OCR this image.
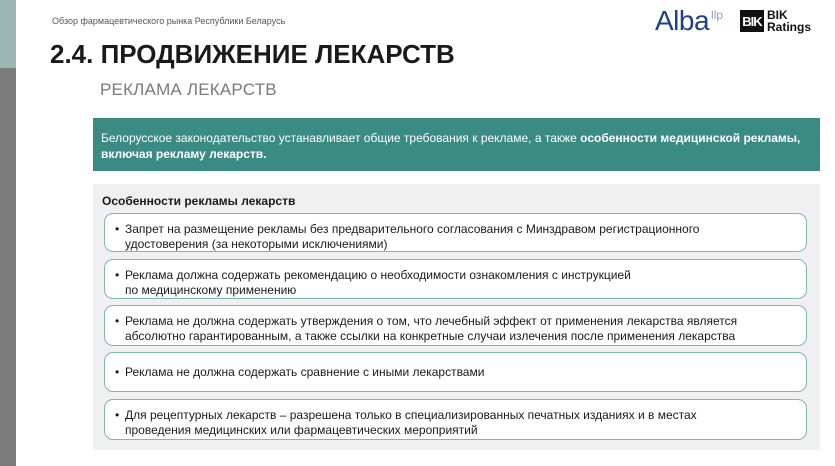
Обзор фармацевтического рынка Республики Беларусь	Alba llp BIK BIK
Ratings
2.4. ПРОДВИЖЕНИЕ ЛЕКАРСТВ
РЕКЛАМА ЛЕКАРСТВ
Белорусское законодательство устанавливает общие требования к рекламе, а также особенности медицинской рекламы, включая рекламу лекарств.
Особенности рекламы лекарств
• Запрет на размещение рекламы без предварительного согласования с Минздравом регистрационного
удостоверения (за некоторыми исключениями)
• Реклама должна содержать рекомендацию о необходимости ознакомления с инструкцией
по медицинскому применению
• Реклама не должна содержать утверждения о том, что лечебный эффект от применения лекарства является
абсолютно гарантированным, а также ссылки на конкретные случаи излечения после применения лекарства
• Реклама не должна содержать сравнение с иными лекарствами
• Для рецептурных лекарств – разрешена только в специализированных печатных изданиях и в местах
проведения медицинских или фармацевтических мероприятий
